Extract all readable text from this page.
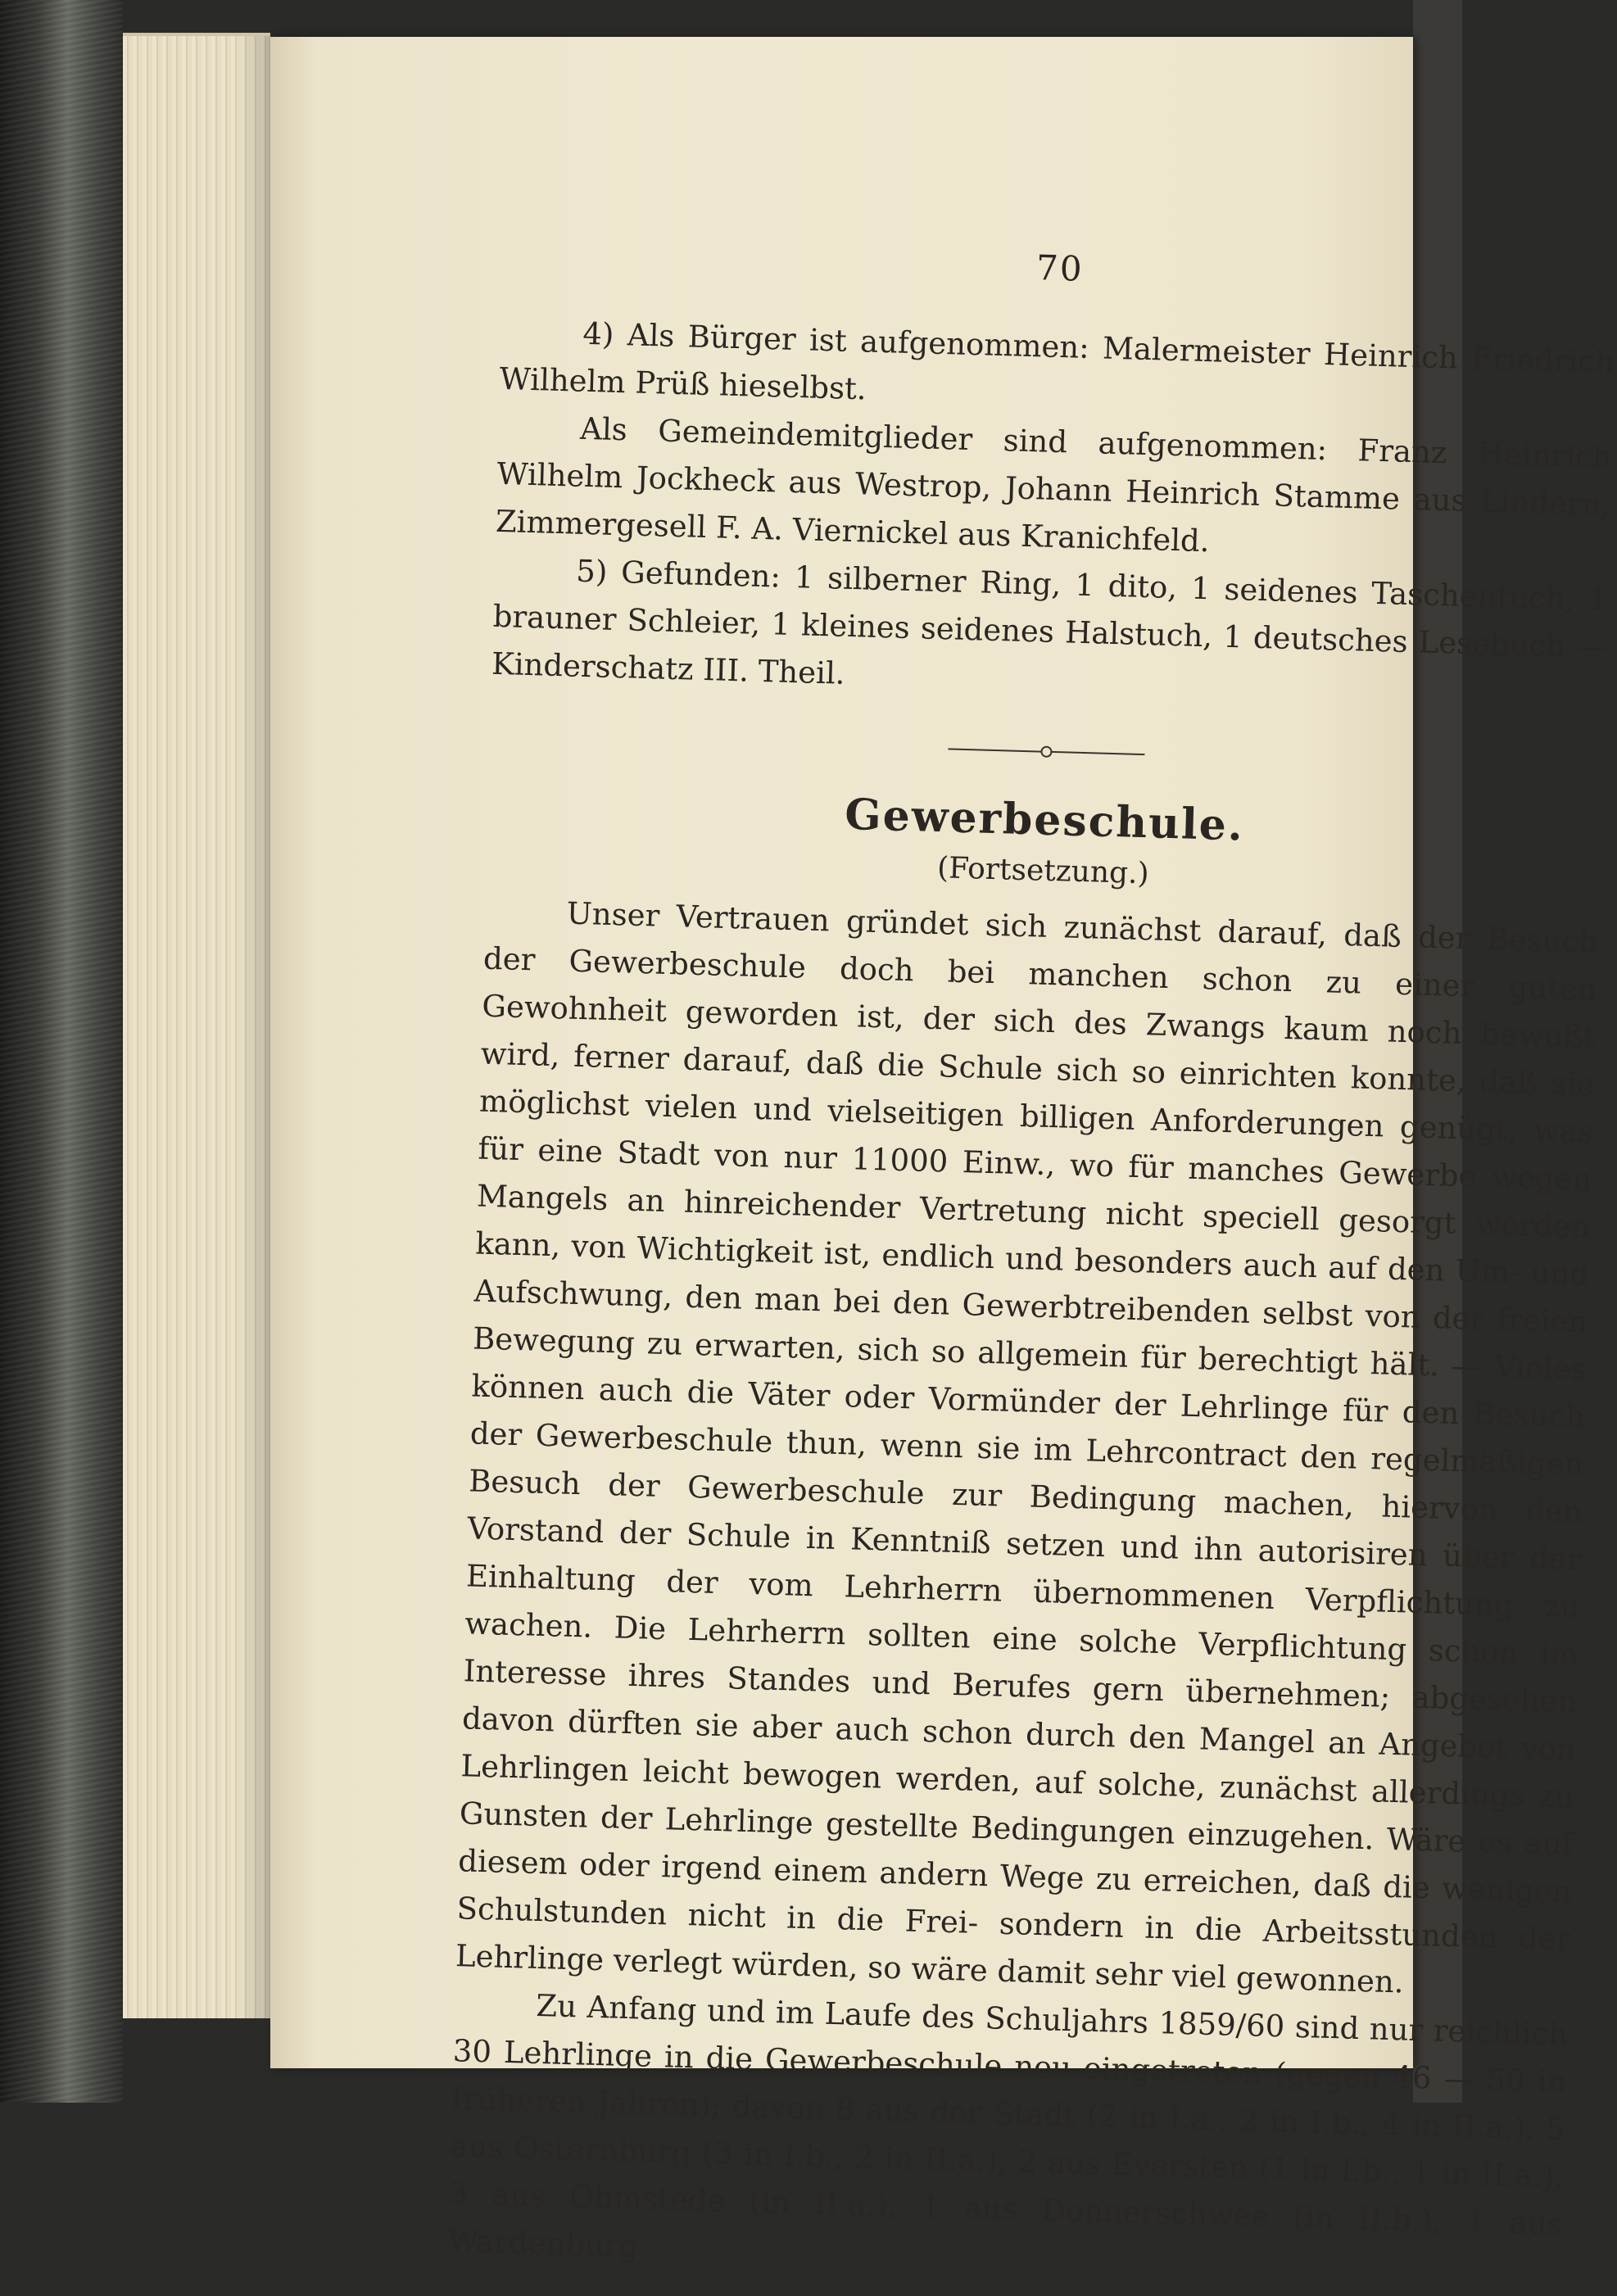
70

4) Als Bürger ist aufgenommen: Malermeister Heinrich Friedrich Wilhelm Prüß hieselbst.

Als Gemeindemitglieder sind aufgenommen: Franz Heinrich Wilhelm Jockheck aus Westrop, Johann Heinrich Stamme aus Lindern, Zimmergesell F. A. Viernickel aus Kranichfeld.

5) Gefunden: 1 silberner Ring, 1 dito, 1 seidenes Taschentuch, 1 brauner Schleier, 1 kleines seidenes Halstuch, 1 deutsches Lesebuch — Kinderschatz III. Theil.

Gewerbeschule.
(Fortsetzung.)

Unser Vertrauen gründet sich zunächst darauf, daß der Besuch der Gewerbeschule doch bei manchen schon zu einer guten Gewohnheit geworden ist, der sich des Zwangs kaum noch bewußt wird, ferner darauf, daß die Schule sich so einrichten konnte, daß sie möglichst vielen und vielseitigen billigen Anforderungen genügt, was für eine Stadt von nur 11000 Einw., wo für manches Gewerbe wegen Mangels an hinreichender Vertretung nicht speciell gesorgt werden kann, von Wichtigkeit ist, endlich und besonders auch auf den Um- und Aufschwung, den man bei den Gewerbtreibenden selbst von der freien Bewegung zu erwarten, sich so allgemein für berechtigt hält. — Vieles können auch die Väter oder Vormünder der Lehrlinge für den Besuch der Gewerbeschule thun, wenn sie im Lehrcontract den regelmäßigen Besuch der Gewerbeschule zur Bedingung machen, hiervon den Vorstand der Schule in Kenntniß setzen und ihn autorisiren über der Einhaltung der vom Lehrherrn übernommenen Verpflichtung zu wachen. Die Lehrherrn sollten eine solche Verpflichtung schon im Interesse ihres Standes und Berufes gern übernehmen; abgesehen davon dürften sie aber auch schon durch den Mangel an Angebot von Lehrlingen leicht bewogen werden, auf solche, zunächst allerdings zu Gunsten der Lehrlinge gestellte Bedingungen einzugehen. Wäre es auf diesem oder irgend einem andern Wege zu erreichen, daß die wenigen Schulstunden nicht in die Frei- sondern in die Arbeitsstunden der Lehrlinge verlegt würden, so wäre damit sehr viel gewonnen.

Zu Anfang und im Laufe des Schuljahrs 1859/60 sind nur reichlich 30 Lehrlinge in die Gewerbeschule neu eingetreten (gegen 46 — 50 in früheren Jahren); davon 8 aus der Stadt (2 in I.a., 2 in I.b., 4 in II.a.), 5 aus Osternburg (3 in I.b., 2 in II.a.), 2 aus Eversten (1 in I.b., 1 in II.a.), 3 aus Ohmstede (in II.a.), 1 aus Donnerschwee (in II.b.), 1 aus Wardenburg
